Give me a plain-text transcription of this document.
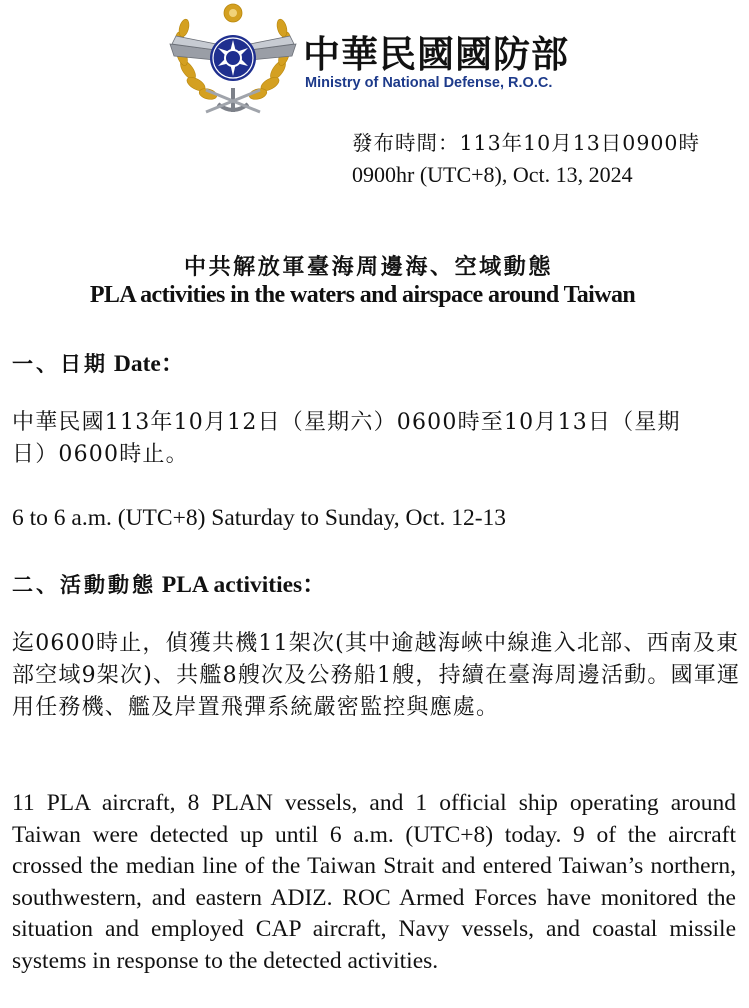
中華民國國防部
Ministry of National Defense, R.O.C.
發布時間：113年10月13日0900時
0900hr (UTC+8), Oct. 13, 2024
中共解放軍臺海周邊海、空域動態
PLA activities in the waters and airspace around Taiwan
一、日期 Date：
中華民國113年10月12日（星期六）0600時至10月13日（星期日）0600時止。
6 to 6 a.m. (UTC+8) Saturday to Sunday, Oct. 12-13
二、活動動態 PLA activities：
迄0600時止，偵獲共機11架次(其中逾越海峽中線進入北部、西南及東部空域9架次)、共艦8艘次及公務船1艘，持續在臺海周邊活動。國軍運用任務機、艦及岸置飛彈系統嚴密監控與應處。
11 PLA aircraft, 8 PLAN vessels, and 1 official ship operating around Taiwan were detected up until 6 a.m. (UTC+8) today. 9 of the aircraft crossed the median line of the Taiwan Strait and entered Taiwan’s northern, southwestern, and eastern ADIZ. ROC Armed Forces have monitored the situation and employed CAP aircraft, Navy vessels, and coastal missile systems in response to the detected activities.
